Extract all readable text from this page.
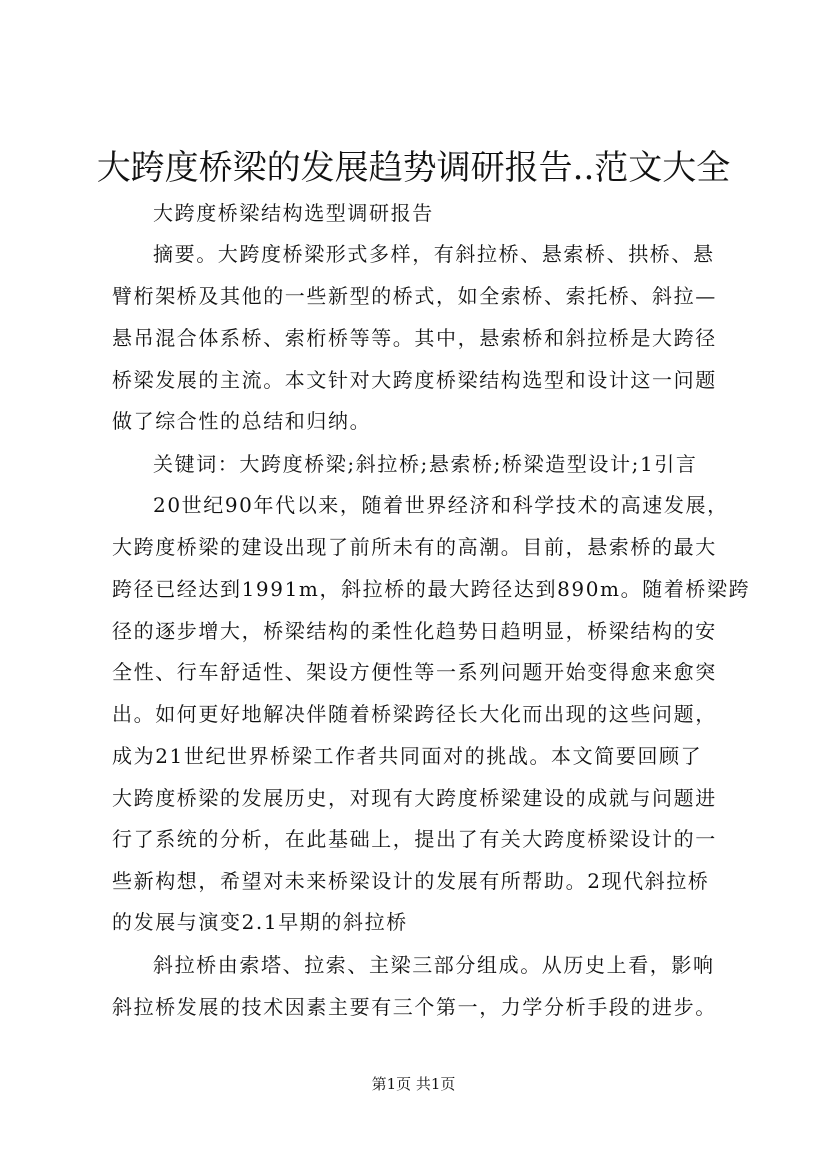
大跨度桥梁的发展趋势调研报告..范文大全
大跨度桥梁结构选型调研报告
摘要。大跨度桥梁形式多样，有斜拉桥、悬索桥、拱桥、悬
臂桁架桥及其他的一些新型的桥式，如全索桥、索托桥、斜拉—
悬吊混合体系桥、索桁桥等等。其中，悬索桥和斜拉桥是大跨径
桥梁发展的主流。本文针对大跨度桥梁结构选型和设计这一问题
做了综合性的总结和归纳。
关键词：大跨度桥梁;斜拉桥;悬索桥;桥梁造型设计;1引言
20世纪90年代以来，随着世界经济和科学技术的高速发展，
大跨度桥梁的建设出现了前所未有的高潮。目前，悬索桥的最大
跨径已经达到1991m，斜拉桥的最大跨径达到890m。随着桥梁跨
径的逐步增大，桥梁结构的柔性化趋势日趋明显，桥梁结构的安
全性、行车舒适性、架设方便性等一系列问题开始变得愈来愈突
出。如何更好地解决伴随着桥梁跨径长大化而出现的这些问题，
成为21世纪世界桥梁工作者共同面对的挑战。本文简要回顾了
大跨度桥梁的发展历史，对现有大跨度桥梁建设的成就与问题进
行了系统的分析，在此基础上，提出了有关大跨度桥梁设计的一
些新构想，希望对未来桥梁设计的发展有所帮助。2现代斜拉桥
的发展与演变2.1早期的斜拉桥
斜拉桥由索塔、拉索、主梁三部分组成。从历史上看，影响
斜拉桥发展的技术因素主要有三个第一，力学分析手段的进步。
第1页 共1页
